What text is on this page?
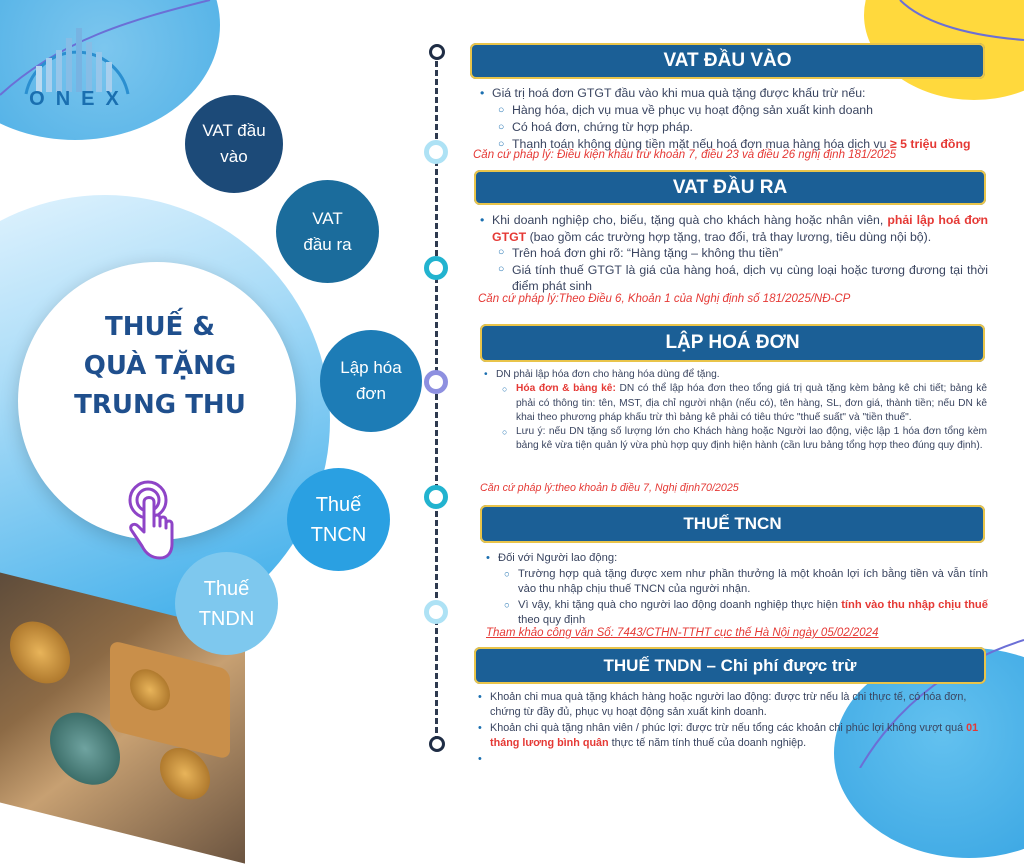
ONEX
THUẾ &
QUÀ TẶNG
TRUNG THU
VAT đầu
vào
VAT
đầu ra
Lập hóa
đơn
Thuế
TNCN
Thuế
TNDN
VAT ĐẦU VÀO
• Giá trị hoá đơn GTGT đầu vào khi mua quà tặng được khấu trừ nếu:
○ Hàng hóa, dịch vụ mua về phục vụ hoạt động sản xuất kinh doanh
○ Có hoá đơn, chứng từ hợp pháp.
○ Thanh toán không dùng tiền mặt nếu hoá đơn mua hàng hóa dịch vụ ≥ 5 triệu đồng
Căn cứ pháp lý: Điều kiện khấu trừ khoản 7, điều 23 và điều 26 nghị định 181/2025
VAT ĐẦU RA
• Khi doanh nghiệp cho, biếu, tặng quà cho khách hàng hoặc nhân viên, phải lập hoá đơn GTGT (bao gồm các trường hợp tặng, trao đổi, trả thay lương, tiêu dùng nội bộ).
○ Trên hoá đơn ghi rõ: “Hàng tặng – không thu tiền”
○ Giá tính thuế GTGT là giá của hàng hoá, dịch vụ cùng loại hoặc tương đương tại thời điểm phát sinh
Căn cứ pháp lý:Theo Điều 6, Khoản 1 của Nghị định số 181/2025/NĐ-CP
LẬP HOÁ ĐƠN
• DN phải lập hóa đơn cho hàng hóa dùng để tặng.
○ Hóa đơn & bảng kê: DN có thể lập hóa đơn theo tổng giá trị quà tặng kèm bảng kê chi tiết; bảng kê phải có thông tin: tên, MST, địa chỉ người nhận (nếu có), tên hàng, SL, đơn giá, thành tiền; nếu DN kê khai theo phương pháp khấu trừ thì bảng kê phải có tiêu thức "thuế suất" và "tiền thuế".
○ Lưu ý: nếu DN tặng số lượng lớn cho Khách hàng hoặc Người lao động, việc lập 1 hóa đơn tổng kèm bảng kê vừa tiện quản lý vừa phù hợp quy định hiện hành (cần lưu bảng tổng hợp theo đúng quy định).
Căn cứ pháp lý:theo khoản b điều 7, Nghị định70/2025
THUẾ TNCN
• Đối với Người lao động:
○ Trường hợp quà tặng được xem như phần thưởng là một khoản lợi ích bằng tiền và vẫn tính vào thu nhập chịu thuế TNCN của người nhận.
○ Vì vậy, khi tặng quà cho người lao động doanh nghiệp thực hiện tính vào thu nhập chịu thuế theo quy định
Tham khảo công văn Số: 7443/CTHN-TTHT cục thế Hà Nội ngày 05/02/2024
THUẾ TNDN – Chi phí được trừ
• Khoản chi mua quà tặng khách hàng hoặc người lao động: được trừ nếu là chi thực tế, có hóa đơn, chứng từ đầy đủ, phục vụ hoạt động sản xuất kinh doanh.
• Khoản chi quà tặng nhân viên / phúc lợi: được trừ nếu tổng các khoản chi phúc lợi không vượt quá 01 tháng lương bình quân thực tế năm tính thuế của doanh nghiệp.
•
